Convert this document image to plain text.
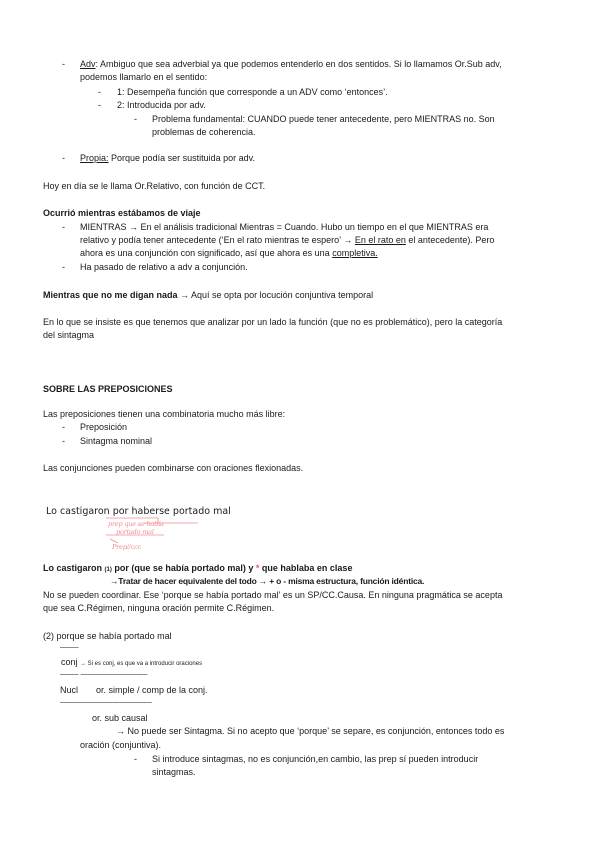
- Adv: Ambiguo que sea adverbial ya que podemos entenderlo en dos sentidos. Si lo llamamos Or.Sub adv,
podemos llamarlo en el sentido:
- 1: Desempeña función que corresponde a un ADV como ‘entonces’.
- 2: Introducida por adv.
- Problema fundamental: CUANDO puede tener antecedente, pero MIENTRAS no. Son
problemas de coherencia.
- Propia: Porque podía ser sustituida por adv.
Hoy en día se le llama Or.Relativo, con función de CCT.
Ocurrió mientras estábamos de viaje
- MIENTRAS → En el análisis tradicional Mientras = Cuando. Hubo un tiempo en el que MIENTRAS era
relativo y podía tener antecedente (‘En el rato mientras te espero’ → En el rato en el antecedente). Pero
ahora es una conjunción con significado, así que ahora es una completiva.
- Ha pasado de relativo a adv a conjunción.
Mientras que no me digan nada → Aquí se opta por locución conjuntiva temporal
En lo que se insiste es que tenemos que analizar por un lado la función (que no es problemático), pero la categoría
del sintagma
SOBRE LAS PREPOSICIONES
Las preposiciones tienen una combinatoria mucho más libre:
- Preposición
- Sintagma nominal
Las conjunciones pueden combinarse con oraciones flexionadas.
Lo castigaron por haberse portado mal
prep que se había
portado mal
Prep//ccc
Lo castigaron (1) por (que se había portado mal) y * que hablaba en clase
→Tratar de hacer equivalente del todo → + o - misma estructura, función idéntica.
No se pueden coordinar. Ese ‘porque se había portado mal’ es un SP/CC.Causa. En ninguna pragmática se acepta
que sea C.Régimen, ninguna oración permite C.Régimen.
(2) porque se había portado mal
—–––
conj → Si es conj, es que va a introducir oraciones
—––– —————————–
Nucl or. simple / comp de la conj.
—–———————————–
or. sub causal
→ No puede ser Sintagma. Si no acepto que ‘porque’ se separe, es conjunción, entonces todo es
oración (conjuntiva).
- Si introduce sintagmas, no es conjunción,en cambio, las prep sí pueden introducir
sintagmas.
